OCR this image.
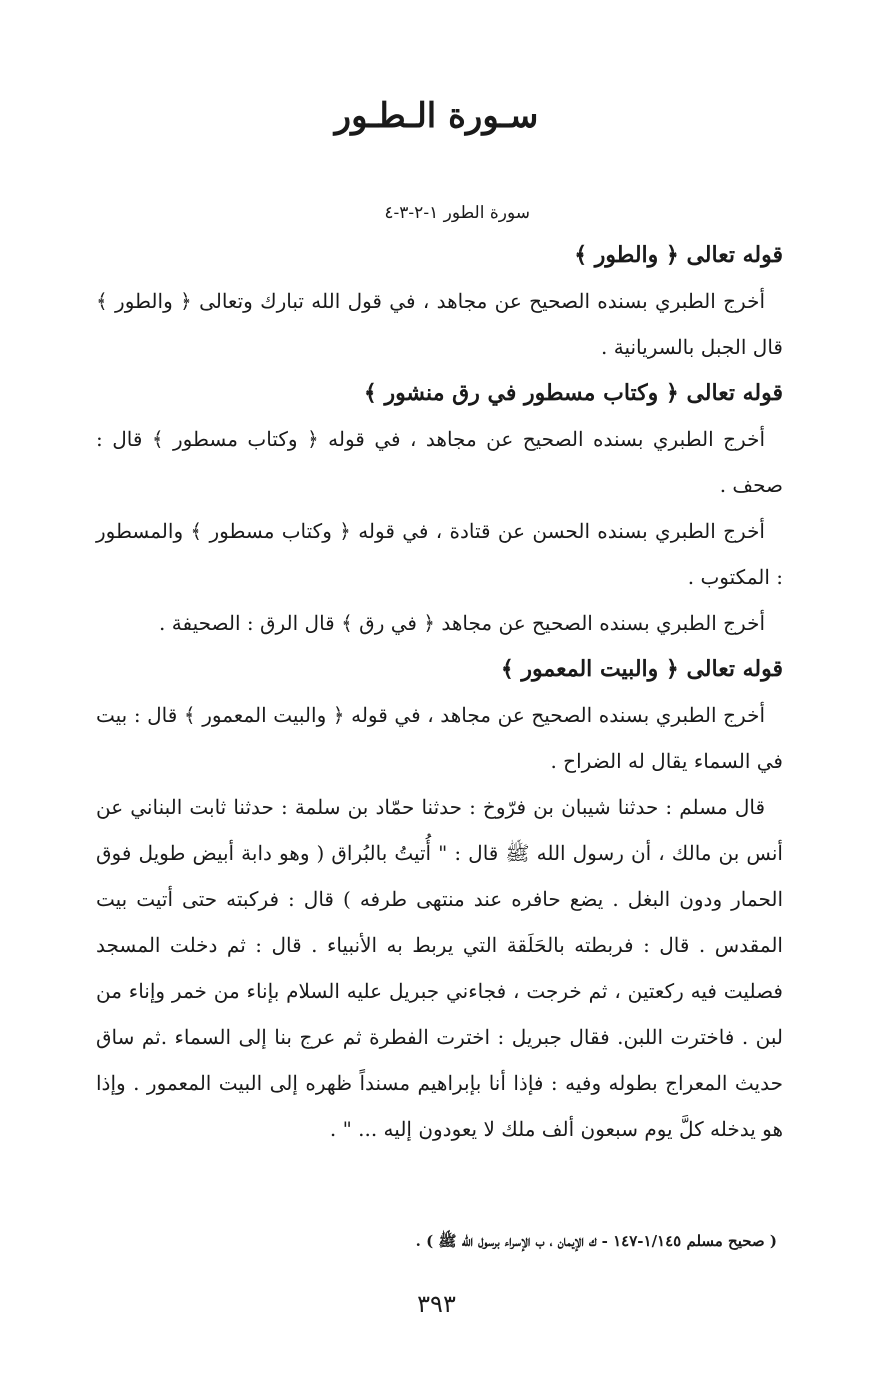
سـورة الـطـور
سورة الطور ١-٢-٣-٤

قوله تعالى ﴿ والطور ﴾

أخرج الطبري بسنده الصحيح عن مجاهد ، في قول الله تبارك وتعالى ﴿ والطور ﴾ قال الجبل بالسريانية .

قوله تعالى ﴿ وكتاب مسطور في رق منشور ﴾

أخرج الطبري بسنده الصحيح عن مجاهد ، في قوله ﴿ وكتاب مسطور ﴾ قال : صحف .

أخرج الطبري بسنده الحسن عن قتادة ، في قوله ﴿ وكتاب مسطور ﴾ والمسطور : المكتوب .

أخرج الطبري بسنده الصحيح عن مجاهد ﴿ في رق ﴾ قال الرق : الصحيفة .

قوله تعالى ﴿ والبيت المعمور ﴾

أخرج الطبري بسنده الصحيح عن مجاهد ، في قوله ﴿ والبيت المعمور ﴾ قال : بيت في السماء يقال له الضراح .

قال مسلم : حدثنا شيبان بن فرّوخ : حدثنا حمّاد بن سلمة : حدثنا ثابت البناني عن أنس بن مالك ، أن رسول الله ﷺ قال : " أُتيتُ بالبُراق ( وهو دابة أبيض طويل فوق الحمار ودون البغل . يضع حافره عند منتهى طرفه ) قال : فركبته حتى أتيت بيت المقدس . قال : فربطته بالحَلَقة التي يربط به الأنبياء . قال : ثم دخلت المسجد فصليت فيه ركعتين ، ثم خرجت ، فجاءني جبريل عليه السلام بإناء من خمر وإناء من لبن . فاخترت اللبن. فقال جبريل : اخترت الفطرة ثم عرج بنا إلى السماء .ثم ساق حديث المعراج بطوله وفيه : فإذا أنا بإبراهيم مسنداً ظهره إلى البيت المعمور . وإذا هو يدخله كلَّ يوم سبعون ألف ملك لا يعودون إليه ... " .

( صحيح مسلم ١/١٤٥-١٤٧ - ك الإيمان ، ب الإسراء برسول الله ﷺ ) .
٣٩٣
